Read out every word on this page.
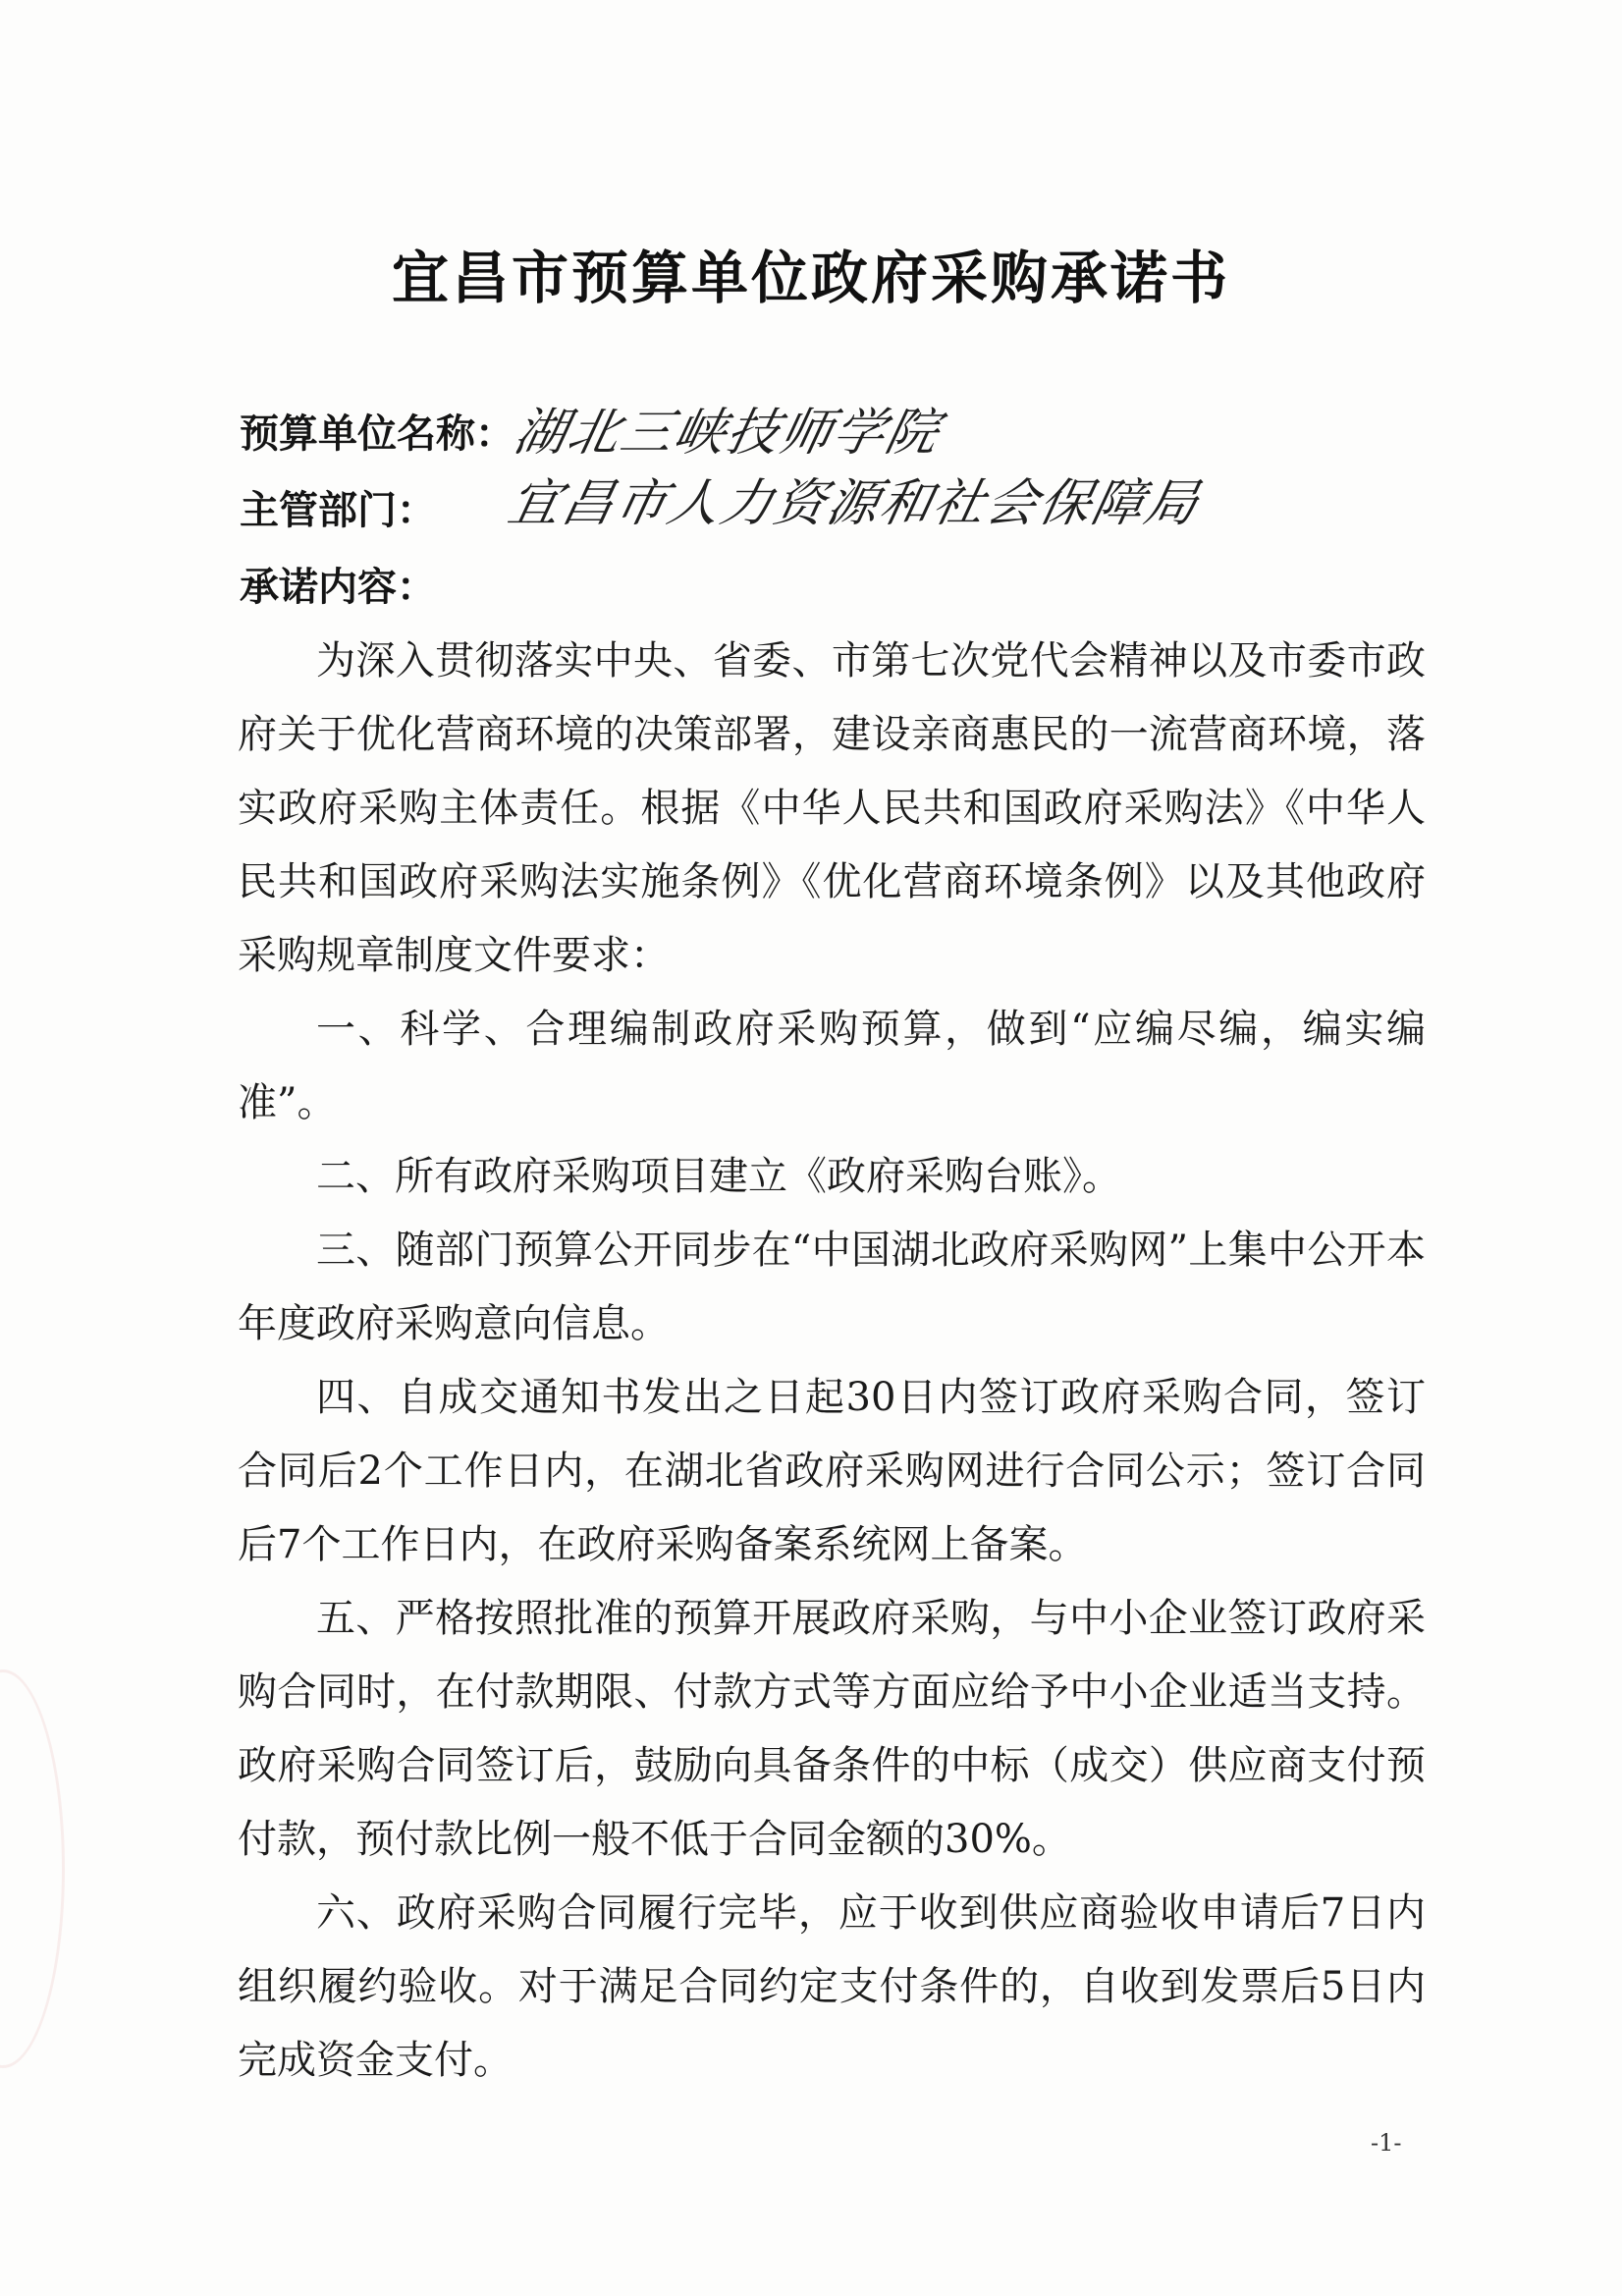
宜昌市预算单位政府采购承诺书
预算单位名称：
湖北三峡技师学院
主管部门： 宜昌市人力资源和社会保障局
承诺内容：

为深入贯彻落实中央、省委、市第七次党代会精神以及市委市政府关于优化营商环境的决策部署，建设亲商惠民的一流营商环境，落实政府采购主体责任。根据《中华人民共和国政府采购法》《中华人民共和国政府采购法实施条例》《优化营商环境条例》以及其他政府采购规章制度文件要求：

一、科学、合理编制政府采购预算，做到“应编尽编，编实编准”。

二、所有政府采购项目建立《政府采购台账》。

三、随部门预算公开同步在“中国湖北政府采购网”上集中公开本年度政府采购意向信息。

四、自成交通知书发出之日起30日内签订政府采购合同，签订合同后2个工作日内，在湖北省政府采购网进行合同公示；签订合同后7个工作日内，在政府采购备案系统网上备案。

五、严格按照批准的预算开展政府采购，与中小企业签订政府采购合同时，在付款期限、付款方式等方面应给予中小企业适当支持。政府采购合同签订后，鼓励向具备条件的中标（成交）供应商支付预付款，预付款比例一般不低于合同金额的30%。

六、政府采购合同履行完毕，应于收到供应商验收申请后7日内组织履约验收。对于满足合同约定支付条件的，自收到发票后5日内完成资金支付。

-1-
